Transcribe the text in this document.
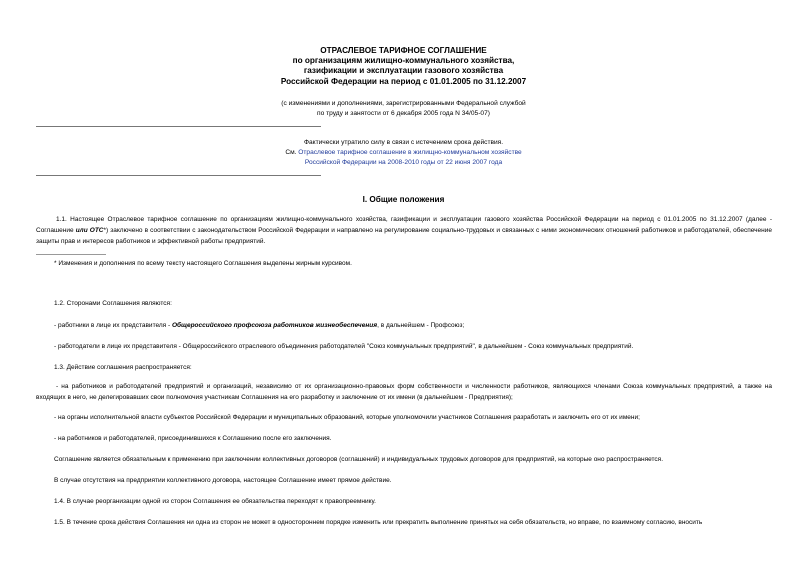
ОТРАСЛЕВОЕ ТАРИФНОЕ СОГЛАШЕНИЕ
по организациям жилищно-коммунального хозяйства,
газификации и эксплуатации газового хозяйства
Российской Федерации на период с 01.01.2005 по 31.12.2007
(с изменениями и дополнениями, зарегистрированными Федеральной службой
по труду и занятости от 6 декабря 2005 года N 34/05-07)
Фактически утратило силу в связи с истечением срока действия.
См. Отраслевое тарифное соглашение в жилищно-коммунальном хозяйстве
Российской Федерации на 2008-2010 годы от 22 июня 2007 года
I. Общие положения
1.1. Настоящее Отраслевое тарифное соглашение по организациям жилищно-коммунального хозяйства, газификации и эксплуатации газового хозяйства Российской Федерации на период с 01.01.2005 по 31.12.2007 (далее - Соглашение или ОТС*) заключено в соответствии с законодательством Российской Федерации и направлено на регулирование социально-трудовых и связанных с ними экономических отношений работников и работодателей, обеспечение защиты прав и интересов работников и эффективной работы предприятий.
* Изменения и дополнения по всему тексту настоящего Соглашения выделены жирным курсивом.
1.2. Сторонами Соглашения являются:
- работники в лице их представителя - Общероссийского профсоюза работников жизнеобеспечения, в дальнейшем - Профсоюз;
- работодатели в лице их представителя - Общероссийского отраслевого объединения работодателей "Союз коммунальных предприятий", в дальнейшем - Союз коммунальных предприятий.
1.3. Действие соглашения распространяется:
- на работников и работодателей предприятий и организаций, независимо от их организационно-правовых форм собственности и численности работников, являющихся членами Союза коммунальных предприятий, а также на входящих в него, не делегировавших свои полномочия участникам Соглашения на его разработку и заключение от их имени (в дальнейшем - Предприятия);
- на органы исполнительной власти субъектов Российской Федерации и муниципальных образований, которые уполномочили участников Соглашения разработать и заключить его от их имени;
- на работников и работодателей, присоединившихся к Соглашению после его заключения.
Соглашение является обязательным к применению при заключении коллективных договоров (соглашений) и индивидуальных трудовых договоров для предприятий, на которые оно распространяется.
В случае отсутствия на предприятии коллективного договора, настоящее Соглашение имеет прямое действие.
1.4. В случае реорганизации одной из сторон Соглашения ее обязательства переходят к правопреемнику.
1.5. В течение срока действия Соглашения ни одна из сторон не может в одностороннем порядке изменить или прекратить выполнение принятых на себя обязательств, но вправе, по взаимному согласию, вносить
